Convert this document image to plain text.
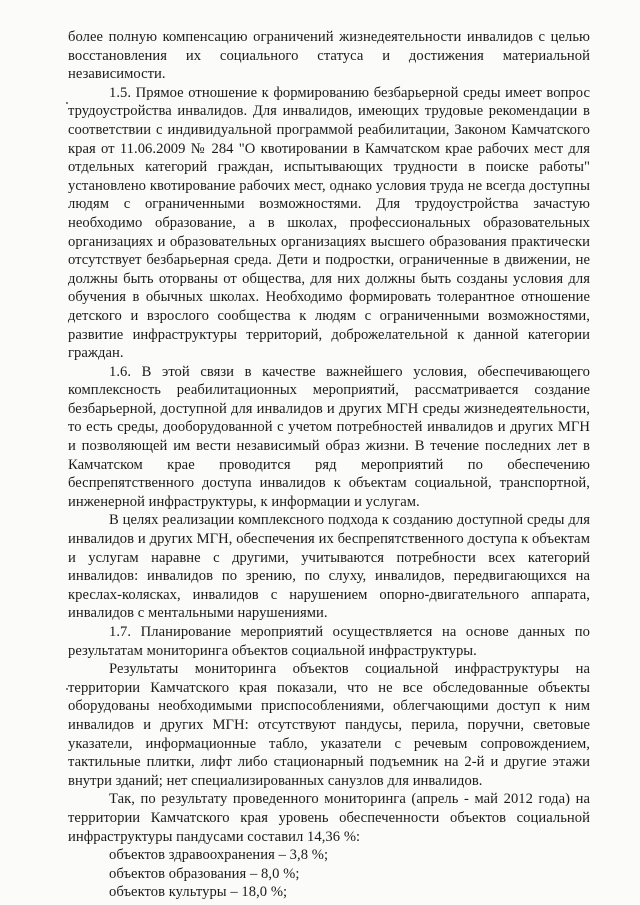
более полную компенсацию ограничений жизнедеятельности инвалидов с целью восстановления их социального статуса и достижения материальной независимости.

1.5. Прямое отношение к формированию безбарьерной среды имеет вопрос трудоустройства инвалидов. Для инвалидов, имеющих трудовые рекомендации в соответствии с индивидуальной программой реабилитации, Законом Камчатского края от 11.06.2009 № 284 "О квотировании в Камчатском крае рабочих мест для отдельных категорий граждан, испытывающих трудности в поиске работы" установлено квотирование рабочих мест, однако условия труда не всегда доступны людям с ограниченными возможностями. Для трудоустройства зачастую необходимо образование, а в школах, профессиональных образовательных организациях и образовательных организациях высшего образования практически отсутствует безбарьерная среда. Дети и подростки, ограниченные в движении, не должны быть оторваны от общества, для них должны быть созданы условия для обучения в обычных школах. Необходимо формировать толерантное отношение детского и взрослого сообщества к людям с ограниченными возможностями, развитие инфраструктуры территорий, доброжелательной к данной категории граждан.

1.6. В этой связи в качестве важнейшего условия, обеспечивающего комплексность реабилитационных мероприятий, рассматривается создание безбарьерной, доступной для инвалидов и других МГН среды жизнедеятельности, то есть среды, дооборудованной с учетом потребностей инвалидов и других МГН и позволяющей им вести независимый образ жизни. В течение последних лет в Камчатском крае проводится ряд мероприятий по обеспечению беспрепятственного доступа инвалидов к объектам социальной, транспортной, инженерной инфраструктуры, к информации и услугам.

В целях реализации комплексного подхода к созданию доступной среды для инвалидов и других МГН, обеспечения их беспрепятственного доступа к объектам и услугам наравне с другими, учитываются потребности всех категорий инвалидов: инвалидов по зрению, по слуху, инвалидов, передвигающихся на креслах-колясках, инвалидов с нарушением опорно-двигательного аппарата, инвалидов с ментальными нарушениями.

1.7. Планирование мероприятий осуществляется на основе данных по результатам мониторинга объектов социальной инфраструктуры.

Результаты мониторинга объектов социальной инфраструктуры на территории Камчатского края показали, что не все обследованные объекты оборудованы необходимыми приспособлениями, облегчающими доступ к ним инвалидов и других МГН: отсутствуют пандусы, перила, поручни, световые указатели, информационные табло, указатели с речевым сопровождением, тактильные плитки, лифт либо стационарный подъемник на 2-й и другие этажи внутри зданий; нет специализированных санузлов для инвалидов.

Так, по результату проведенного мониторинга (апрель - май 2012 года) на территории Камчатского края уровень обеспеченности объектов социальной инфраструктуры пандусами составил 14,36 %:

объектов здравоохранения – 3,8 %;

объектов образования – 8,0 %;

объектов культуры – 18,0 %;
